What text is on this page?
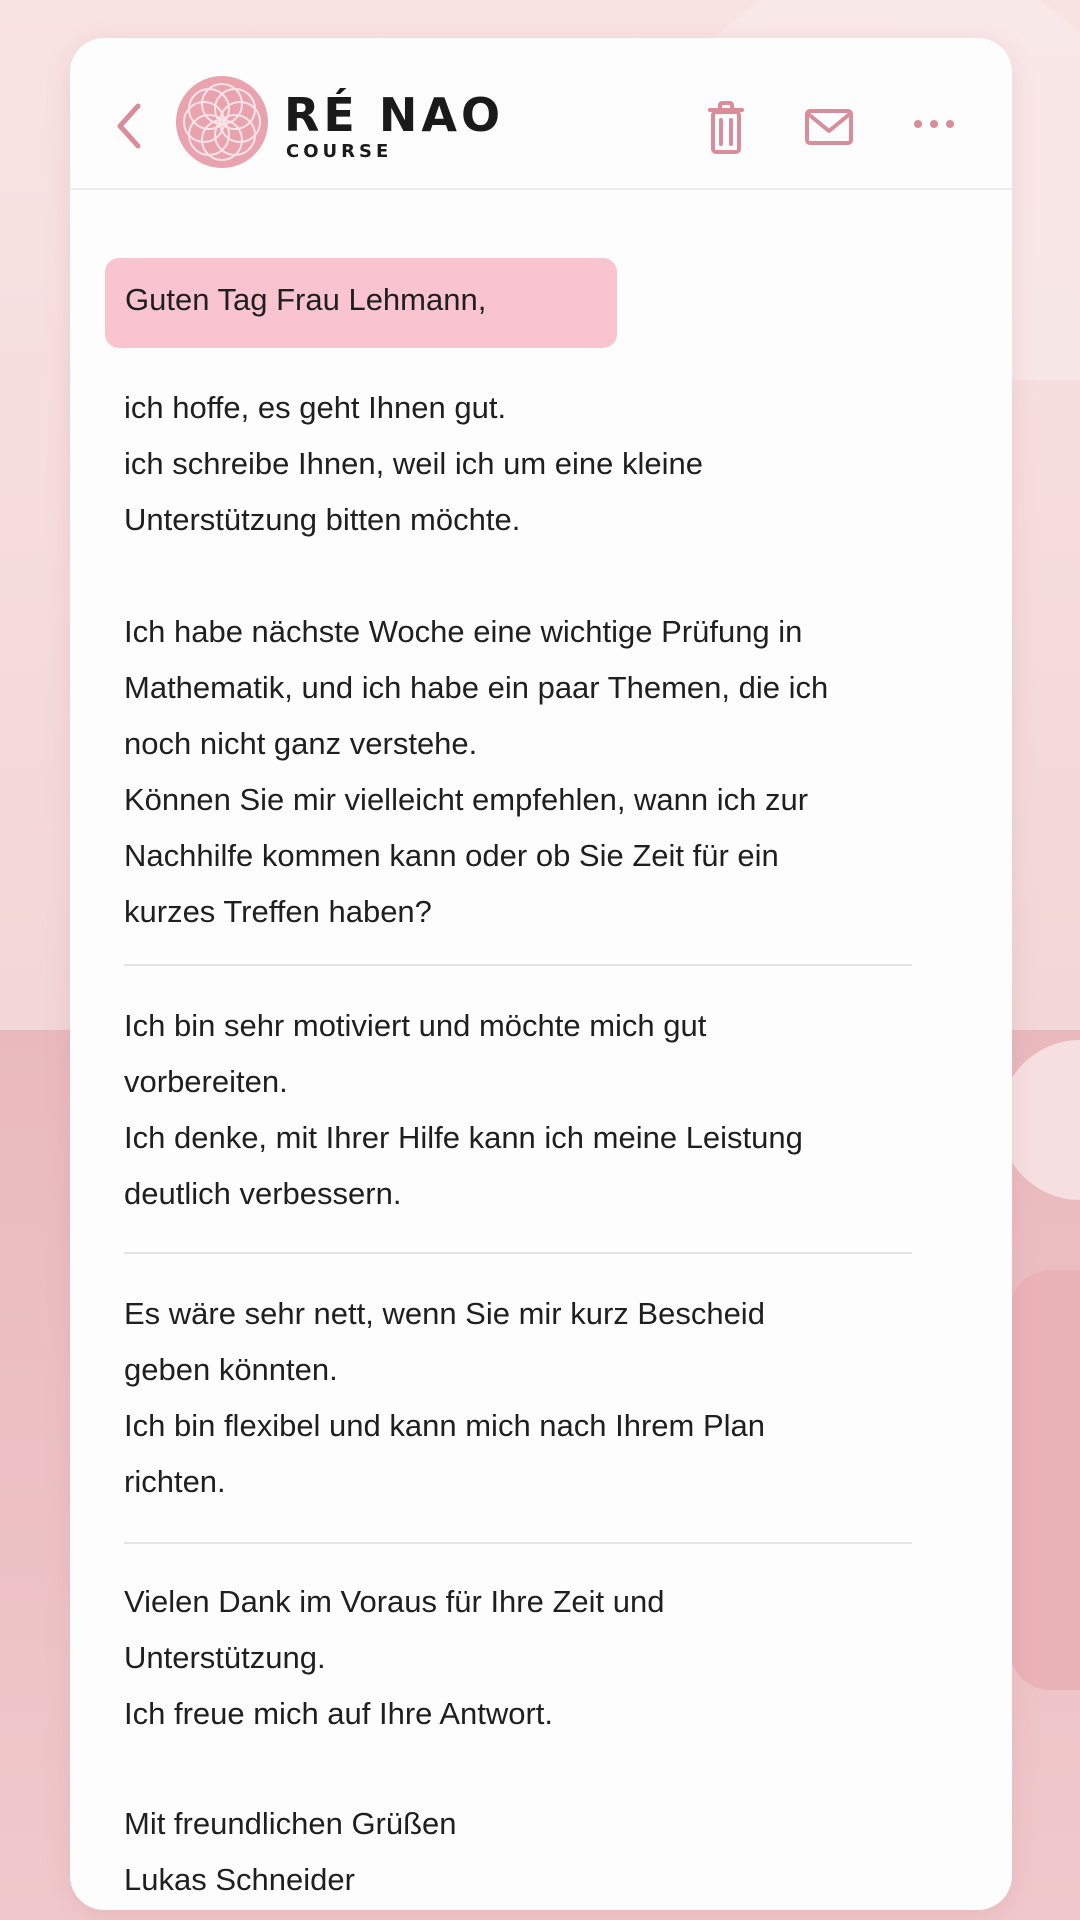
RÉ NAO
COURSE
Guten Tag Frau Lehmann,
ich hoffe, es geht Ihnen gut.
ich schreibe Ihnen, weil ich um eine kleine
Unterstützung bitten möchte.
Ich habe nächste Woche eine wichtige Prüfung in
Mathematik, und ich habe ein paar Themen, die ich
noch nicht ganz verstehe.
Können Sie mir vielleicht empfehlen, wann ich zur
Nachhilfe kommen kann oder ob Sie Zeit für ein
kurzes Treffen haben?
Ich bin sehr motiviert und möchte mich gut
vorbereiten.
Ich denke, mit Ihrer Hilfe kann ich meine Leistung
deutlich verbessern.
Es wäre sehr nett, wenn Sie mir kurz Bescheid
geben könnten.
Ich bin flexibel und kann mich nach Ihrem Plan
richten.
Vielen Dank im Voraus für Ihre Zeit und
Unterstützung.
Ich freue mich auf Ihre Antwort.
Mit freundlichen Grüßen
Lukas Schneider
